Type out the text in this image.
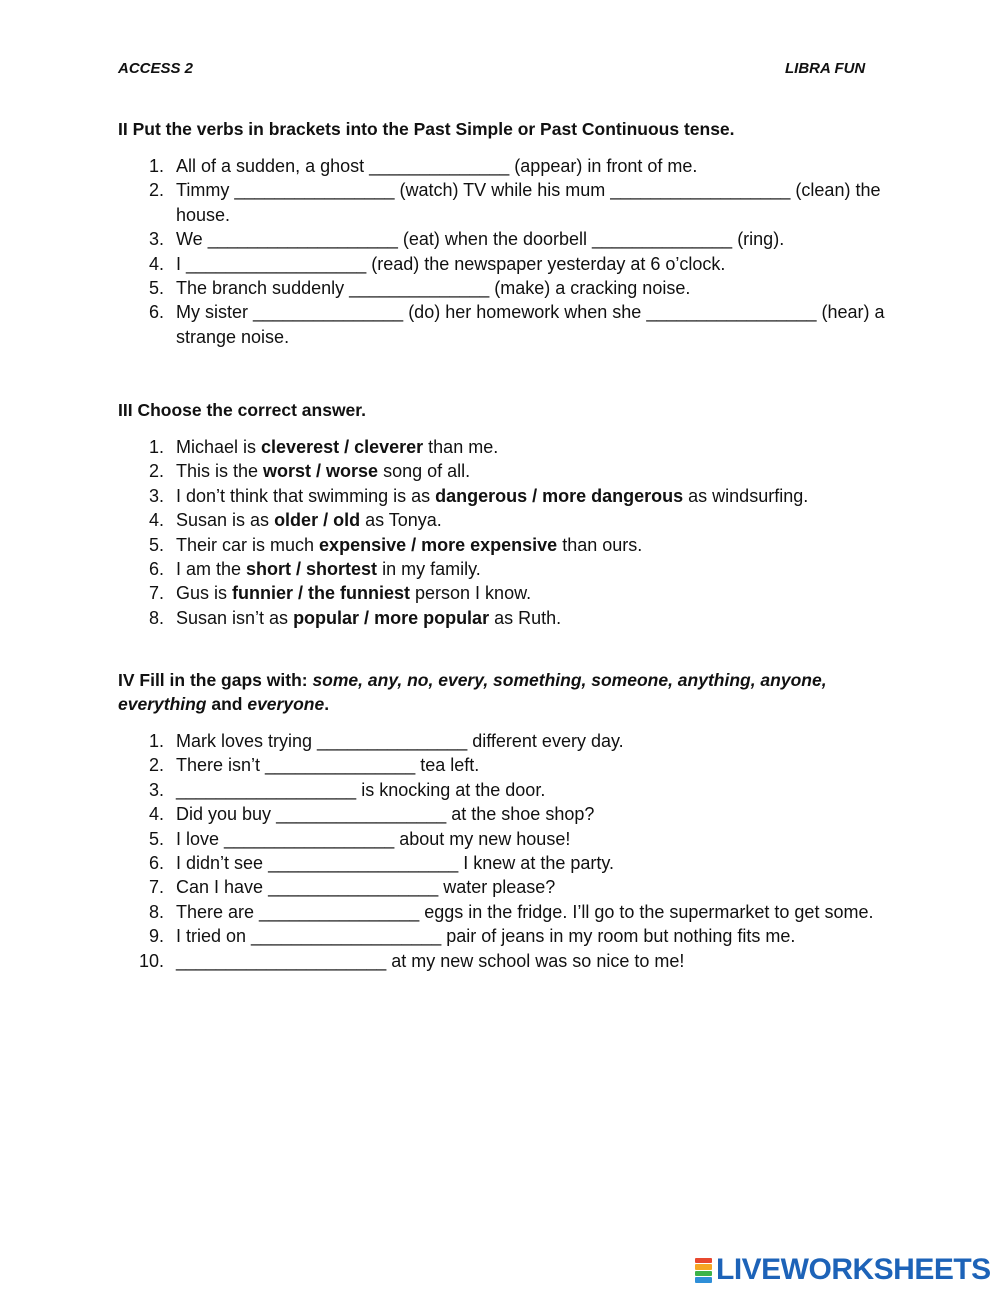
ACCESS 2	LIBRA FUN
II Put the verbs in brackets into the Past Simple or Past Continuous tense.
1. All of a sudden, a ghost ______________ (appear) in front of me.
2. Timmy ________________ (watch) TV while his mum __________________ (clean) the house.
3. We ___________________ (eat) when the doorbell ______________ (ring).
4. I __________________ (read) the newspaper yesterday at 6 o’clock.
5. The branch suddenly ______________ (make) a cracking noise.
6. My sister _______________ (do) her homework when she _________________ (hear) a strange noise.
III Choose the correct answer.
1. Michael is cleverest / cleverer than me.
2. This is the worst / worse song of all.
3. I don’t think that swimming is as dangerous / more dangerous as windsurfing.
4. Susan is as older / old as Tonya.
5. Their car is much expensive / more expensive than ours.
6. I am the short / shortest in my family.
7. Gus is funnier / the funniest person I know.
8. Susan isn’t as popular / more popular as Ruth.
IV Fill in the gaps with: some, any, no, every, something, someone, anything, anyone, everything and everyone.
1. Mark loves trying _______________ different every day.
2. There isn’t _______________ tea left.
3. __________________ is knocking at the door.
4. Did you buy _________________ at the shoe shop?
5. I love _________________ about my new house!
6. I didn’t see ___________________ I knew at the party.
7. Can I have _________________ water please?
8. There are ________________ eggs in the fridge. I’ll go to the supermarket to get some.
9. I tried on ___________________ pair of jeans in my room but nothing fits me.
10. _____________________ at my new school was so nice to me!
LIVEWORKSHEETS
